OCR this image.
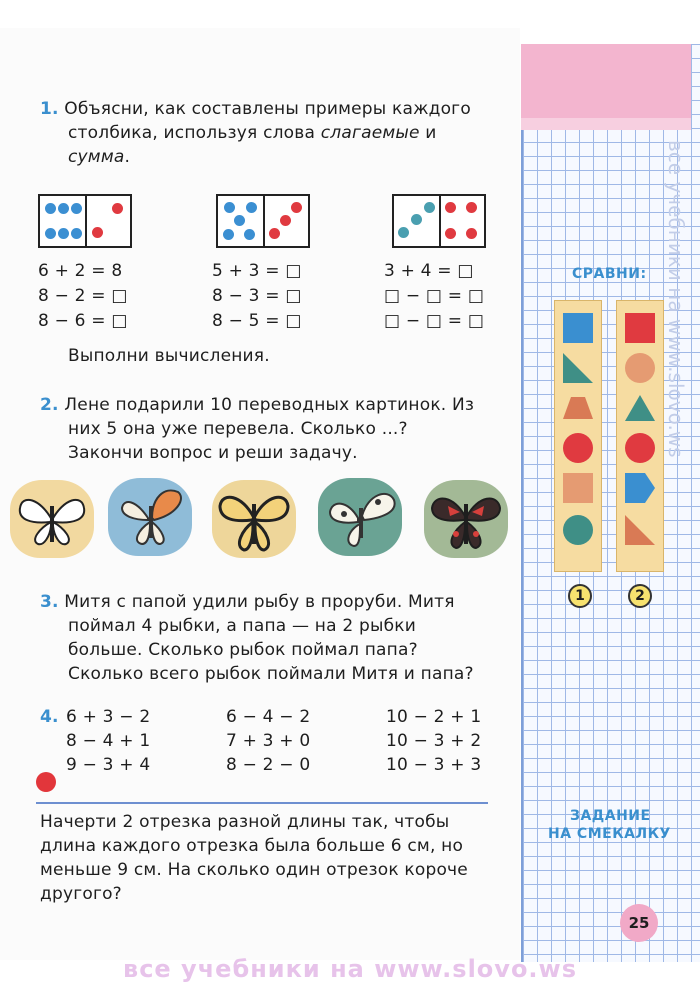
все учебники на www.slovo.ws
1. Объясни, как составлены примеры каждого
столбика, используя слова слагаемые и
сумма.
6 + 2 = 8
8 − 2 = □
8 − 6 = □
5 + 3 = □
8 − 3 = □
8 − 5 = □
3 + 4 = □
□ − □ = □
□ − □ = □
Выполни вычисления.
2. Лене подарили 10 переводных картинок. Из
них 5 она уже перевела. Сколько ...?
Закончи вопрос и реши задачу.
3. Митя с папой удили рыбу в проруби. Митя
поймал 4 рыбки, а папа — на 2 рыбки
больше. Сколько рыбок поймал папа?
Сколько всего рыбок поймали Митя и папа?
4. 6 + 3 − 2
8 − 4 + 1
9 − 3 + 4
6 − 4 − 2
7 + 3 + 0
8 − 2 − 0
10 − 2 + 1
10 − 3 + 2
10 − 3 + 3
Начерти 2 отрезка разной длины так, чтобы
длина каждого отрезка была больше 6 см, но
меньше 9 см. На сколько один отрезок короче
другого?
СРАВНИ:
1	2
ЗАДАНИЕ
НА СМЕКАЛКУ
25
все учебники на www.slovo.ws
